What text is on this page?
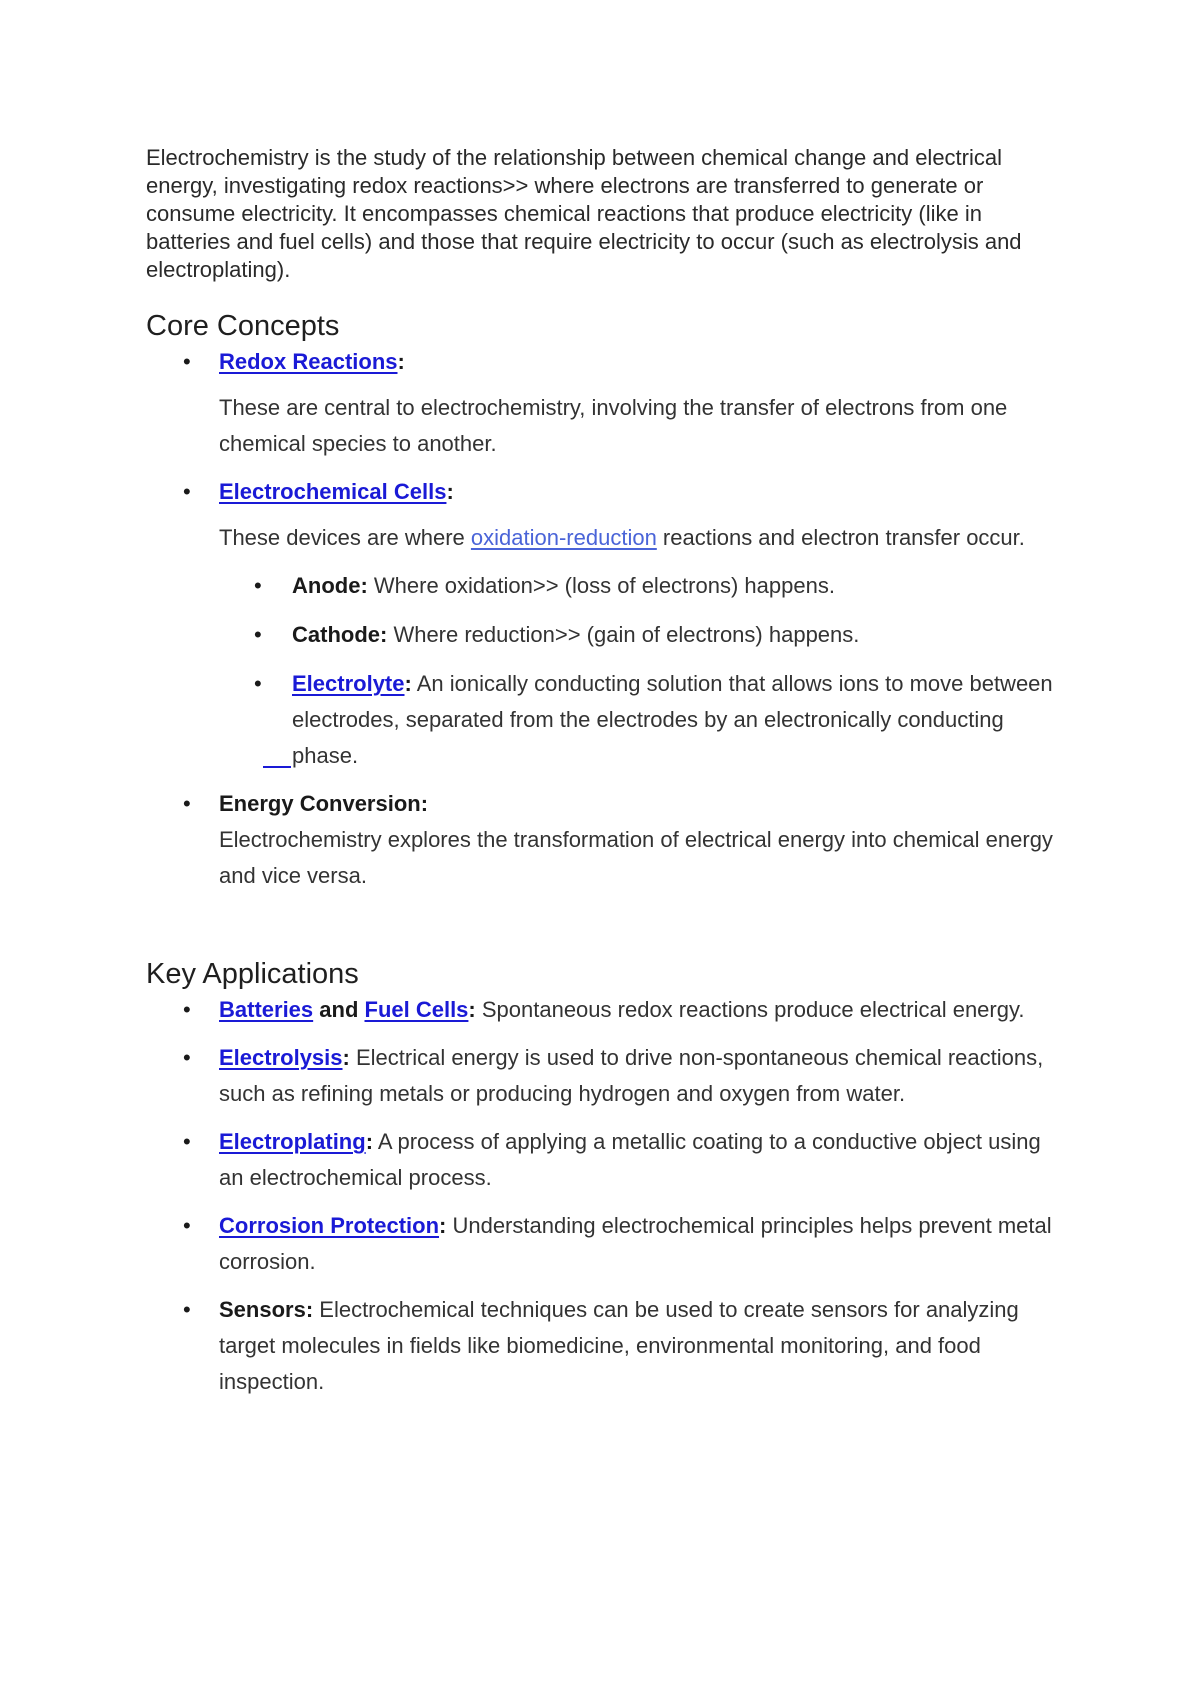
Electrochemistry is the study of the relationship between chemical change and electrical energy, investigating redox reactions>> where electrons are transferred to generate or consume electricity. It encompasses chemical reactions that produce electricity (like in batteries and fuel cells) and those that require electricity to occur (such as electrolysis and electroplating).

Core Concepts
• Redox Reactions:
These are central to electrochemistry, involving the transfer of electrons from one chemical species to another.
• Electrochemical Cells:
These devices are where oxidation-reduction reactions and electron transfer occur.
• Anode: Where oxidation>> (loss of electrons) happens.
• Cathode: Where reduction>> (gain of electrons) happens.
• Electrolyte: An ionically conducting solution that allows ions to move between electrodes, separated from the electrodes by an electronically conducting phase.
• Energy Conversion:
Electrochemistry explores the transformation of electrical energy into chemical energy and vice versa.
Key Applications
• Batteries and Fuel Cells: Spontaneous redox reactions produce electrical energy.
• Electrolysis: Electrical energy is used to drive non-spontaneous chemical reactions, such as refining metals or producing hydrogen and oxygen from water.
• Electroplating: A process of applying a metallic coating to a conductive object using an electrochemical process.
• Corrosion Protection: Understanding electrochemical principles helps prevent metal corrosion.
• Sensors: Electrochemical techniques can be used to create sensors for analyzing target molecules in fields like biomedicine, environmental monitoring, and food inspection.
